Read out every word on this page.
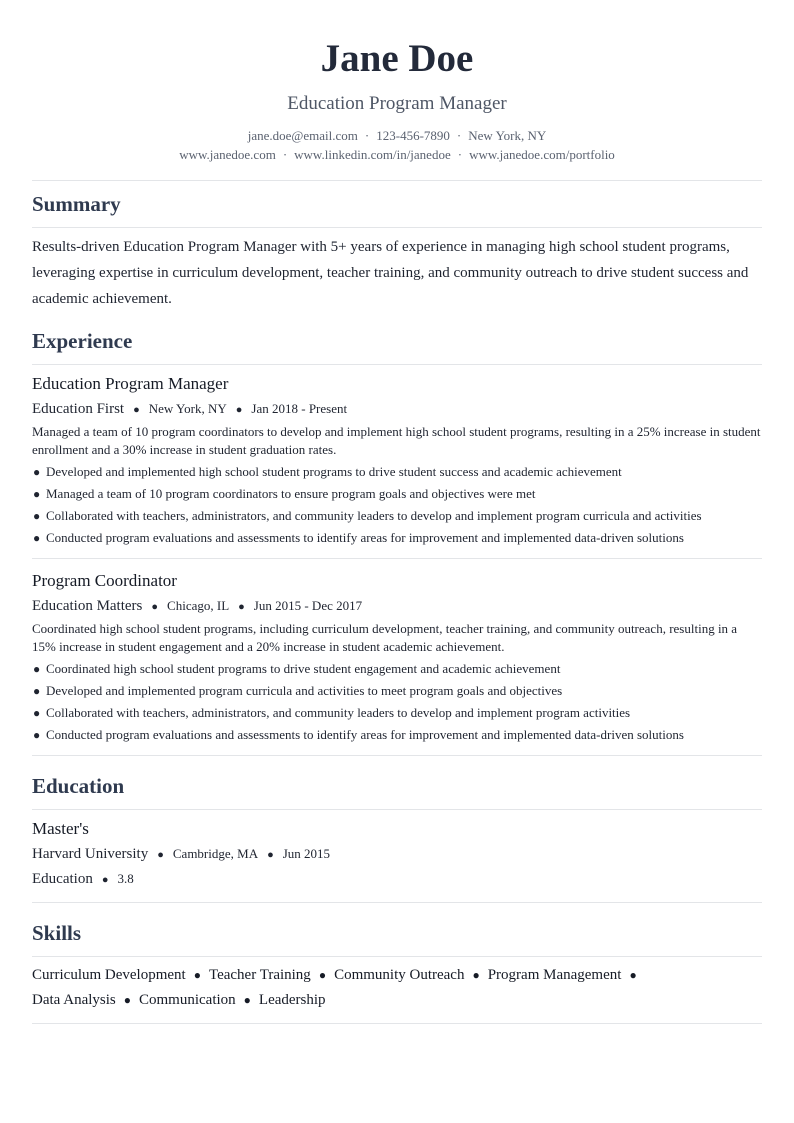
Jane Doe
Education Program Manager
jane.doe@email.com · 123-456-7890 · New York, NY
www.janedoe.com · www.linkedin.com/in/janedoe · www.janedoe.com/portfolio
Summary

Results-driven Education Program Manager with 5+ years of experience in managing high school student programs, leveraging expertise in curriculum development, teacher training, and community outreach to drive student success and academic achievement.

Experience
Education Program Manager
Education First ● New York, NY ● Jan 2018 - Present
Managed a team of 10 program coordinators to develop and implement high school student programs, resulting in a 25% increase in student enrollment and a 30% increase in student graduation rates.
● Developed and implemented high school student programs to drive student success and academic achievement
● Managed a team of 10 program coordinators to ensure program goals and objectives were met
● Collaborated with teachers, administrators, and community leaders to develop and implement program curricula and activities
● Conducted program evaluations and assessments to identify areas for improvement and implemented data-driven solutions
Program Coordinator
Education Matters ● Chicago, IL ● Jun 2015 - Dec 2017
Coordinated high school student programs, including curriculum development, teacher training, and community outreach, resulting in a 15% increase in student engagement and a 20% increase in student academic achievement.
● Coordinated high school student programs to drive student engagement and academic achievement
● Developed and implemented program curricula and activities to meet program goals and objectives
● Collaborated with teachers, administrators, and community leaders to develop and implement program activities
● Conducted program evaluations and assessments to identify areas for improvement and implemented data-driven solutions
Education
Master's
Harvard University ● Cambridge, MA ● Jun 2015
Education ● 3.8
Skills
Curriculum Development ● Teacher Training ● Community Outreach ● Program Management ●
Data Analysis ● Communication ● Leadership
